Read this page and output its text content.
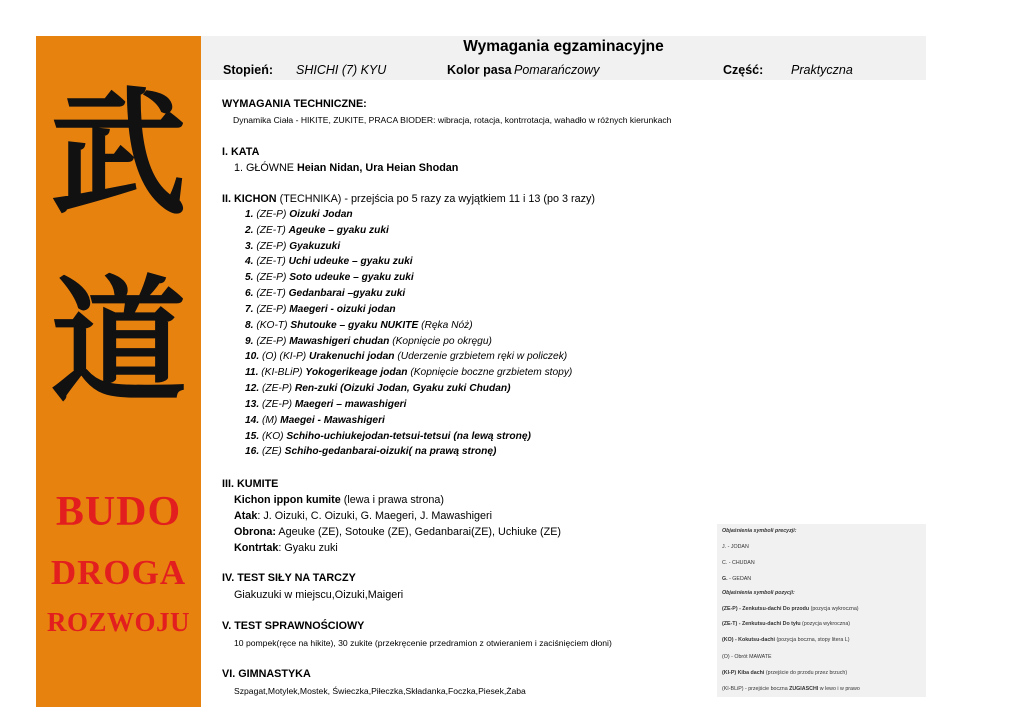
武
道
BUDO
DROGA
ROZWOJU
Wymagania egzaminacyjne
Stopień: SHICHI (7) KYU	Kolor pasa Pomarańczowy	Część: Praktyczna
WYMAGANIA TECHNICZNE:
Dynamika Ciała - HIKITE, ZUKITE, PRACA BIODER: wibracja, rotacja, kontrrotacja, wahadło w różnych kierunkach
I. KATA
1. GŁÓWNE Heian Nidan, Ura Heian Shodan
II. KICHON (TECHNIKA) - przejścia po 5 razy za wyjątkiem 11 i 13 (po 3 razy)
1. (ZE-P) Oizuki Jodan
2. (ZE-T) Ageuke – gyaku zuki
3. (ZE-P) Gyakuzuki
4. (ZE-T) Uchi udeuke – gyaku zuki
5. (ZE-P) Soto udeuke – gyaku zuki
6. (ZE-T) Gedanbarai –gyaku zuki
7. (ZE-P) Maegeri - oizuki jodan
8. (KO-T) Shutouke – gyaku NUKITE (Ręka Nóż)
9. (ZE-P) Mawashigeri chudan (Kopnięcie po okręgu)
10. (O) (KI-P) Urakenuchi jodan (Uderzenie grzbietem ręki w policzek)
11. (KI-BLiP) Yokogerikeage jodan (Kopnięcie boczne grzbietem stopy)
12. (ZE-P) Ren-zuki (Oizuki Jodan, Gyaku zuki Chudan)
13. (ZE-P) Maegeri – mawashigeri
14. (M) Maegei - Mawashigeri
15. (KO) Schiho-uchiukejodan-tetsui-tetsui (na lewą stronę)
16. (ZE) Schiho-gedanbarai-oizuki( na prawą stronę)
III. KUMITE
Kichon ippon kumite (lewa i prawa strona)
Atak: J. Oizuki, C. Oizuki, G. Maegeri, J. Mawashigeri
Obrona: Ageuke (ZE), Sotouke (ZE), Gedanbarai(ZE), Uchiuke (ZE)
Kontrtak: Gyaku zuki
IV. TEST SIŁY NA TARCZY
Giakuzuki w miejscu,Oizuki,Maigeri
V. TEST SPRAWNOŚCIOWY
10 pompek(ręce na hikite), 30 zukite (przekręcenie przedramion z otwieraniem i zaciśnięciem dłoni)
VI. GIMNASTYKA
Szpagat,Motylek,Mostek, Świeczka,Piłeczka,Składanka,Foczka,Piesek,Żaba
Objaśnienia symboli precyzji:
J. - JODAN
C. - CHUDAN
G. - GEDAN
Objaśnienia symboli pozycji:
(ZE-P) - Zenkutsu-dachi Do przodu (pozycja wykroczna)
(ZE-T) - Zenkutsu-dachi Do tyłu (pozycja wykroczna)
(KO) - Kokutsu-dachi (pozycja boczna, stopy litera L)
(O) - Obrót MAWATE
(KI-P) Kiba dachi (przejście do przodu przez brzuch)
(KI-BLiP) - przejście boczna ZUGIASCHI w lewo i w prawo
